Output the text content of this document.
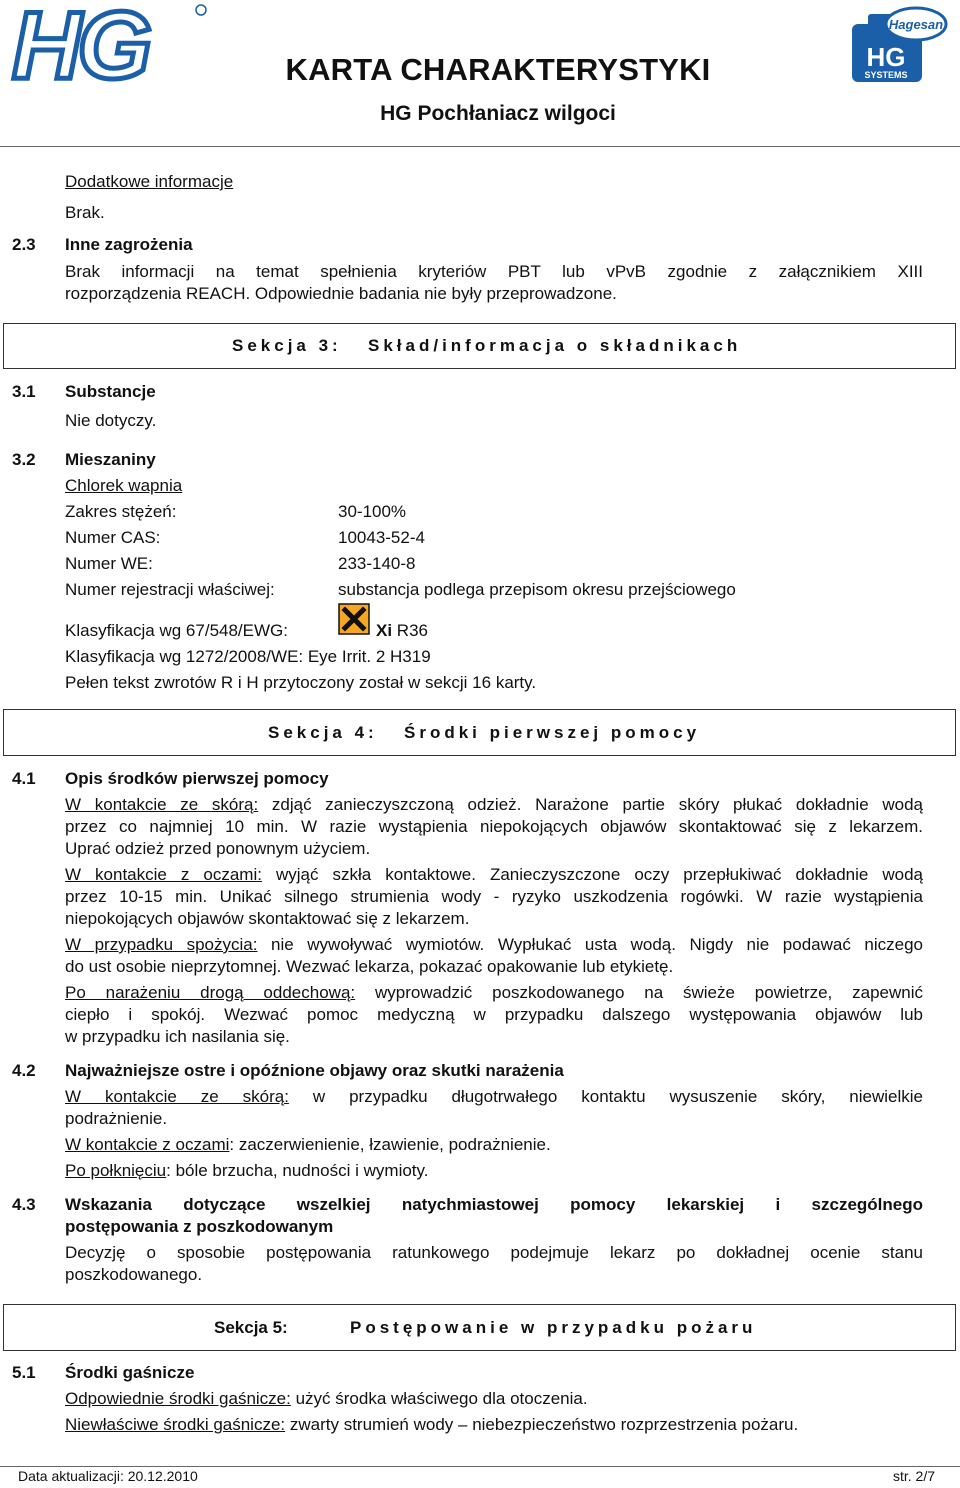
HG	KARTA CHARAKTERYSTYKI
HG Pochłaniacz wilgoci
Hagesan
HG
SYSTEMS
Dodatkowe informacje
Brak.
2.3 Inne zagrożenia
Brak informacji na temat spełnienia kryteriów PBT lub vPvB zgodnie z załącznikiem XIII
rozporządzenia REACH. Odpowiednie badania nie były przeprowadzone.
Sekcja 3: Skład/informacja o składnikach
3.1 Substancje
Nie dotyczy.
3.2 Mieszaniny
Chlorek wapnia
Zakres stężeń:	30-100%
Numer CAS:	10043-52-4
Numer WE:	233-140-8
Numer rejestracji właściwej:	substancja podlega przepisom okresu przejściowego
Klasyfikacja wg 67/548/EWG:	Xi R36
Klasyfikacja wg 1272/2008/WE: Eye Irrit. 2 H319
Pełen tekst zwrotów R i H przytoczony został w sekcji 16 karty.
Sekcja 4: Środki pierwszej pomocy
4.1 Opis środków pierwszej pomocy
W kontakcie ze skórą: zdjąć zanieczyszczoną odzież. Narażone partie skóry płukać dokładnie wodą
przez co najmniej 10 min. W razie wystąpienia niepokojących objawów skontaktować się z lekarzem.
Uprać odzież przed ponownym użyciem.
W kontakcie z oczami: wyjąć szkła kontaktowe. Zanieczyszczone oczy przepłukiwać dokładnie wodą
przez 10-15 min. Unikać silnego strumienia wody - ryzyko uszkodzenia rogówki. W razie wystąpienia
niepokojących objawów skontaktować się z lekarzem.
W przypadku spożycia: nie wywoływać wymiotów. Wypłukać usta wodą. Nigdy nie podawać niczego
do ust osobie nieprzytomnej. Wezwać lekarza, pokazać opakowanie lub etykietę.
Po narażeniu drogą oddechową: wyprowadzić poszkodowanego na świeże powietrze, zapewnić
ciepło i spokój. Wezwać pomoc medyczną w przypadku dalszego występowania objawów lub
w przypadku ich nasilania się.
4.2 Najważniejsze ostre i opóźnione objawy oraz skutki narażenia
W kontakcie ze skórą: w przypadku długotrwałego kontaktu wysuszenie skóry, niewielkie
podrażnienie.
W kontakcie z oczami: zaczerwienienie, łzawienie, podrażnienie.
Po połknięciu: bóle brzucha, nudności i wymioty.
4.3 Wskazania dotyczące wszelkiej natychmiastowej pomocy lekarskiej i szczególnego
postępowania z poszkodowanym
Decyzję o sposobie postępowania ratunkowego podejmuje lekarz po dokładnej ocenie stanu
poszkodowanego.
Sekcja 5:	Postępowanie w przypadku pożaru
5.1 Środki gaśnicze
Odpowiednie środki gaśnicze: użyć środka właściwego dla otoczenia.
Niewłaściwe środki gaśnicze: zwarty strumień wody – niebezpieczeństwo rozprzestrzenia pożaru.
Data aktualizacji: 20.12.2010	str. 2/7
